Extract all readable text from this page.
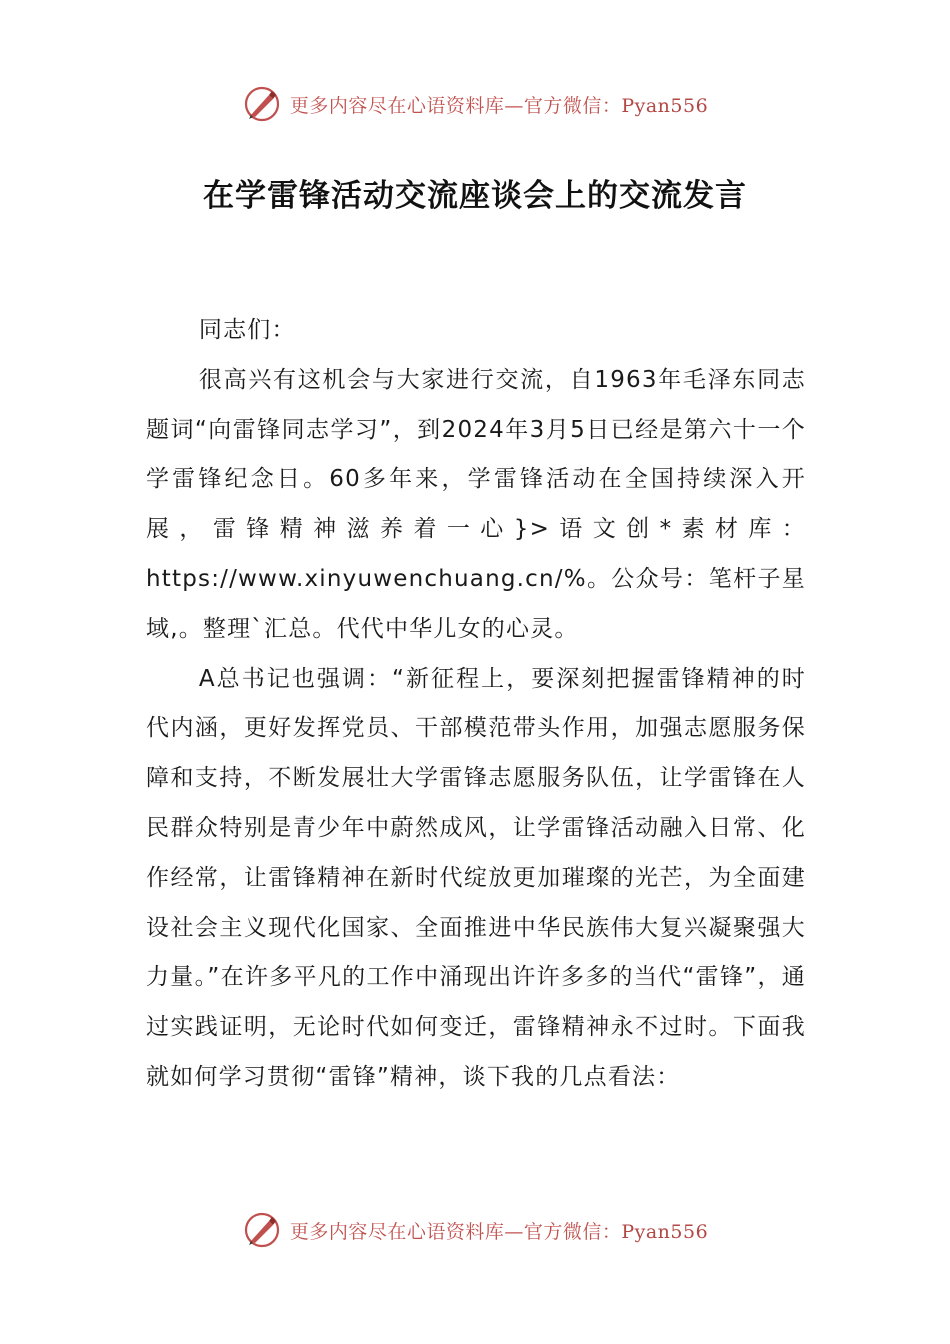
更多内容尽在心语资料库—官方微信：Pyan556
在学雷锋活动交流座谈会上的交流发言

同志们：

很高兴有这机会与大家进行交流，自1963年毛泽东同志题词“向雷锋同志学习”，到2024年3月5日已经是第六十一个学雷锋纪念日。60多年来，学雷锋活动在全国持续深入开展，雷锋精神滋养着一心}>语文创*素材库：https://www.xinyuwenchuang.cn/%。公众号：笔杆子星域,。整理`汇总。代代中华儿女的心灵。

A总书记也强调：“新征程上，要深刻把握雷锋精神的时代内涵，更好发挥党员、干部模范带头作用，加强志愿服务保障和支持，不断发展壮大学雷锋志愿服务队伍，让学雷锋在人民群众特别是青少年中蔚然成风，让学雷锋活动融入日常、化作经常，让雷锋精神在新时代绽放更加璀璨的光芒，为全面建设社会主义现代化国家、全面推进中华民族伟大复兴凝聚强大力量。”在许多平凡的工作中涌现出许许多多的当代“雷锋”，通过实践证明，无论时代如何变迁，雷锋精神永不过时。下面我就如何学习贯彻“雷锋”精神，谈下我的几点看法：

更多内容尽在心语资料库—官方微信：Pyan556
